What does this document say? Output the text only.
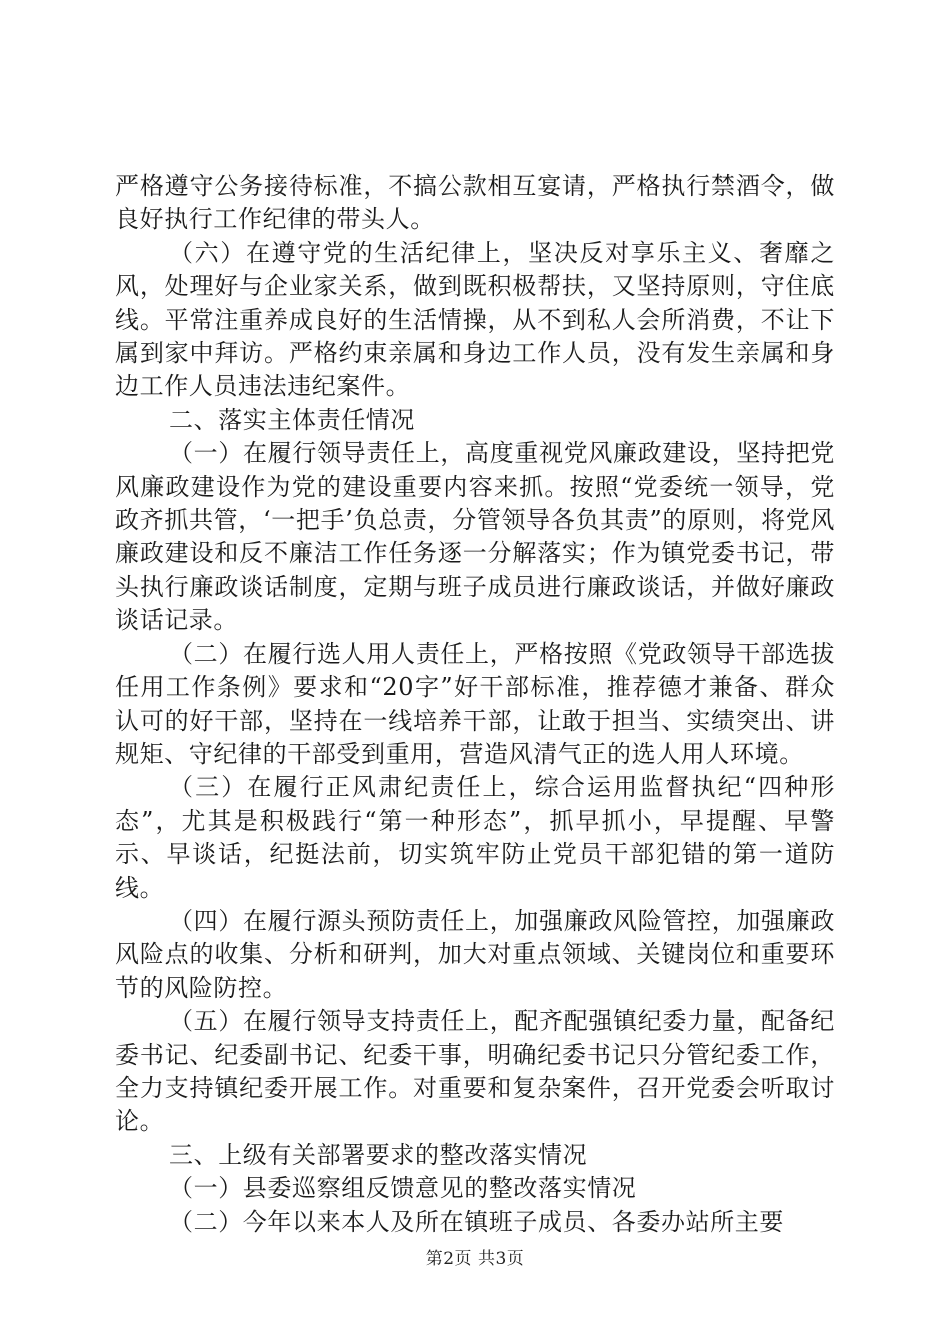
严格遵守公务接待标准，不搞公款相互宴请，严格执行禁酒令，做良好执行工作纪律的带头人。

（六）在遵守党的生活纪律上，坚决反对享乐主义、奢靡之风，处理好与企业家关系，做到既积极帮扶，又坚持原则，守住底线。平常注重养成良好的生活情操，从不到私人会所消费，不让下属到家中拜访。严格约束亲属和身边工作人员，没有发生亲属和身边工作人员违法违纪案件。

二、落实主体责任情况

（一）在履行领导责任上，高度重视党风廉政建设，坚持把党风廉政建设作为党的建设重要内容来抓。按照“党委统一领导，党政齐抓共管，‘一把手’负总责，分管领导各负其责”的原则，将党风廉政建设和反不廉洁工作任务逐一分解落实；作为镇党委书记，带头执行廉政谈话制度，定期与班子成员进行廉政谈话，并做好廉政谈话记录。

（二）在履行选人用人责任上，严格按照《党政领导干部选拔任用工作条例》要求和“20字”好干部标准，推荐德才兼备、群众认可的好干部，坚持在一线培养干部，让敢于担当、实绩突出、讲规矩、守纪律的干部受到重用，营造风清气正的选人用人环境。

（三）在履行正风肃纪责任上，综合运用监督执纪“四种形态”，尤其是积极践行“第一种形态”，抓早抓小，早提醒、早警示、早谈话，纪挺法前，切实筑牢防止党员干部犯错的第一道防线。

（四）在履行源头预防责任上，加强廉政风险管控，加强廉政风险点的收集、分析和研判，加大对重点领域、关键岗位和重要环节的风险防控。

（五）在履行领导支持责任上，配齐配强镇纪委力量，配备纪委书记、纪委副书记、纪委干事，明确纪委书记只分管纪委工作，全力支持镇纪委开展工作。对重要和复杂案件，召开党委会听取讨论。

三、上级有关部署要求的整改落实情况

（一）县委巡察组反馈意见的整改落实情况

（二）今年以来本人及所在镇班子成员、各委办站所主要

第2页 共3页
